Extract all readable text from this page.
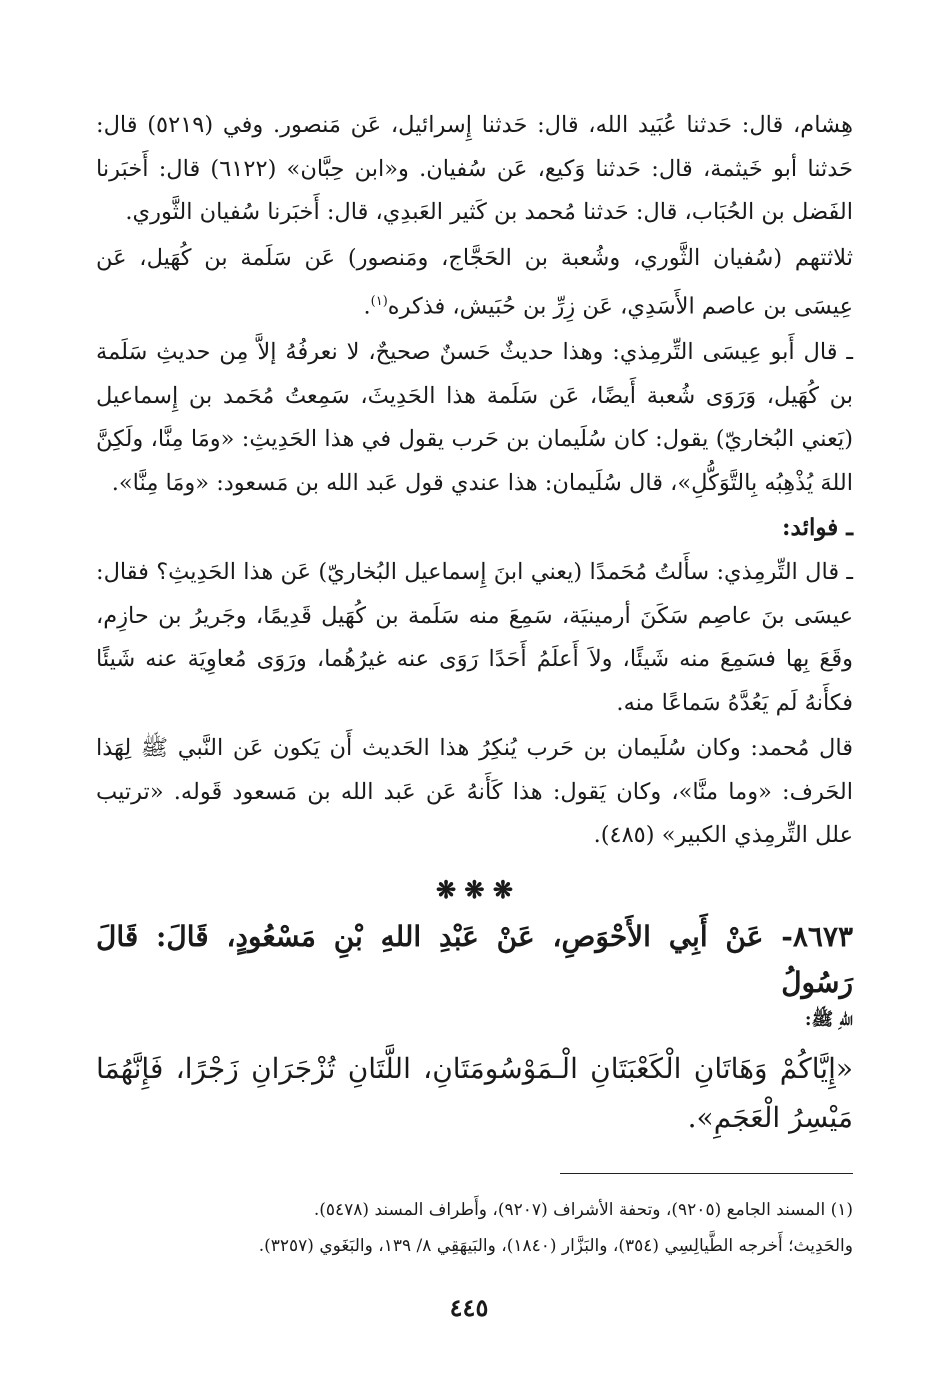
هِشام، قال: حَدثنا عُبَيد الله، قال: حَدثنا إِسرائيل، عَن مَنصور. وفي (٥٢١٩) قال: حَدثنا أبو خَيثمة، قال: حَدثنا وَكيع، عَن سُفيان. و«ابن حِبَّان» (٦١٢٢) قال: أَخبَرنا الفَضل بن الحُبَاب، قال: حَدثنا مُحمد بن كَثير العَبدِي، قال: أَخبَرنا سُفيان الثَّوري.

ثلاثتهم (سُفيان الثَّوري، وشُعبة بن الحَجَّاج، ومَنصور) عَن سَلَمة بن كُهَيل، عَن عِيسَى بن عاصم الأَسَدِي، عَن زِرِّ بن حُبَيش، فذكره$^{(١)}$.

ـ قال أَبو عِيسَى التِّرمِذي: وهذا حديثٌ حَسنٌ صحيحٌ، لا نعرفُهُ إلاَّ مِن حديثِ سَلَمة بن كُهَيل، وَرَوَى شُعبة أَيضًا، عَن سَلَمة هذا الحَدِيثَ، سَمِعتُ مُحَمد بن إِسماعيل (يَعني البُخاريّ) يقول: كان سُلَيمان بن حَرب يقول في هذا الحَدِيثِ: «ومَا مِنَّا، ولَكِنَّ اللهَ يُذْهِبُه بِالتَّوَكُّلِ»، قال سُلَيمان: هذا عندي قول عَبد الله بن مَسعود: «ومَا مِنَّا».

ـ فوائد:

ـ قال التِّرمِذي: سأَلتُ مُحَمدًا (يعني ابنَ إِسماعيل البُخاريّ) عَن هذا الحَدِيثِ؟ فقال: عيسَى بنَ عاصِم سَكَنَ أرمينيَة، سَمِعَ منه سَلَمة بن كُهَيل قَدِيمًا، وجَريرُ بن حازِم، وقَعَ بِها فسَمِعَ منه شَيئًا، ولاَ أَعلَمُ أَحَدًا رَوَى عنه غيرُهُما، ورَوَى مُعاوِيَة عنه شَيئًا فكأَنهُ لَم يَعُدَّهُ سَماعًا منه.

قال مُحمد: وكان سُلَيمان بن حَرب يُنكِرُ هذا الحَديث أَن يَكون عَن النَّبي ﷺ لِهَذا الحَرف: «وما منَّا»، وكان يَقول: هذا كَأَنهُ عَن عَبد الله بن مَسعود قَوله. «ترتيب علل التِّرمِذي الكبير» (٤٨٥).

❋ ❋ ❋

٨٦٧٣- عَنْ أَبِي الأَحْوَصِ، عَنْ عَبْدِ اللهِ بْنِ مَسْعُودٍ، قَالَ: قَالَ رَسُولُ
اللهِ ﷺ:

«إِيَّاكُمْ وَهَاتَانِ الْكَعْبَتَانِ الْـمَوْسُومَتَانِ، اللَّتَانِ تُزْجَرَانِ زَجْرًا، فَإِنَّهُمَا مَيْسِرُ الْعَجَمِ».

(١) المسند الجامع (٩٢٠٥)، وتحفة الأشراف (٩٢٠٧)، وأَطراف المسند (٥٤٧٨).

والحَدِيث؛ أَخرجه الطَّيالِسِي (٣٥٤)، والبَزَّار (١٨٤٠)، والبَيهَقِي ٨/ ١٣٩، والبَغَوي (٣٢٥٧).

٤٤٥
